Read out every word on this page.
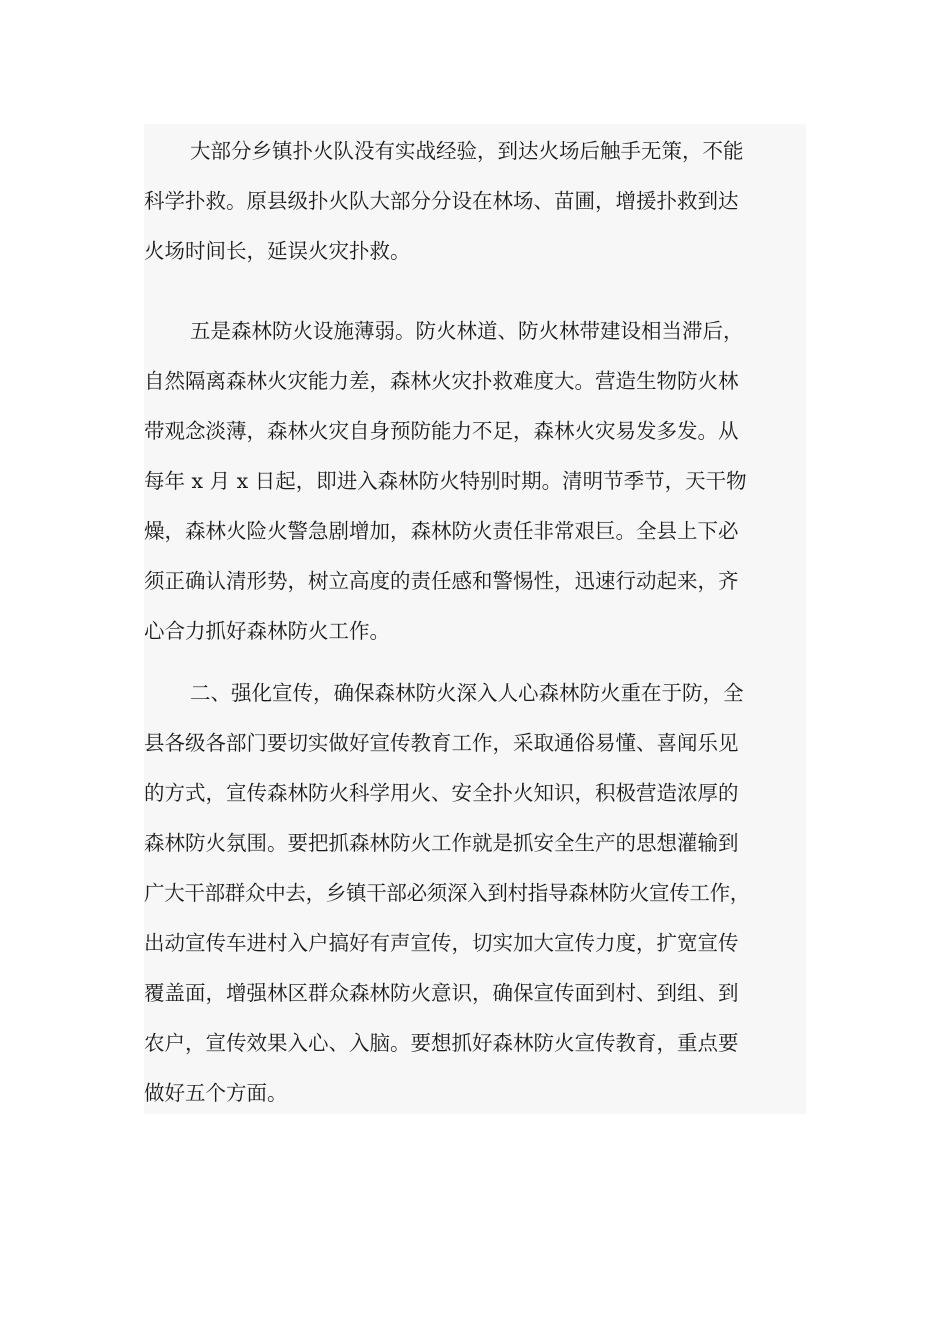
大部分乡镇扑火队没有实战经验，到达火场后触手无策，不能
科学扑救。原县级扑火队大部分分设在林场、苗圃，增援扑救到达
火场时间长，延误火灾扑救。

五是森林防火设施薄弱。防火林道、防火林带建设相当滞后，
自然隔离森林火灾能力差，森林火灾扑救难度大。营造生物防火林
带观念淡薄，森林火灾自身预防能力不足，森林火灾易发多发。从
每年 x 月 x 日起，即进入森林防火特别时期。清明节季节，天干物
燥，森林火险火警急剧增加，森林防火责任非常艰巨。全县上下必
须正确认清形势，树立高度的责任感和警惕性，迅速行动起来，齐
心合力抓好森林防火工作。

二、强化宣传，确保森林防火深入人心森林防火重在于防，全
县各级各部门要切实做好宣传教育工作，采取通俗易懂、喜闻乐见
的方式，宣传森林防火科学用火、安全扑火知识，积极营造浓厚的
森林防火氛围。要把抓森林防火工作就是抓安全生产的思想灌输到
广大干部群众中去，乡镇干部必须深入到村指导森林防火宣传工作，
出动宣传车进村入户搞好有声宣传，切实加大宣传力度，扩宽宣传
覆盖面，增强林区群众森林防火意识，确保宣传面到村、到组、到
农户，宣传效果入心、入脑。要想抓好森林防火宣传教育，重点要
做好五个方面。
